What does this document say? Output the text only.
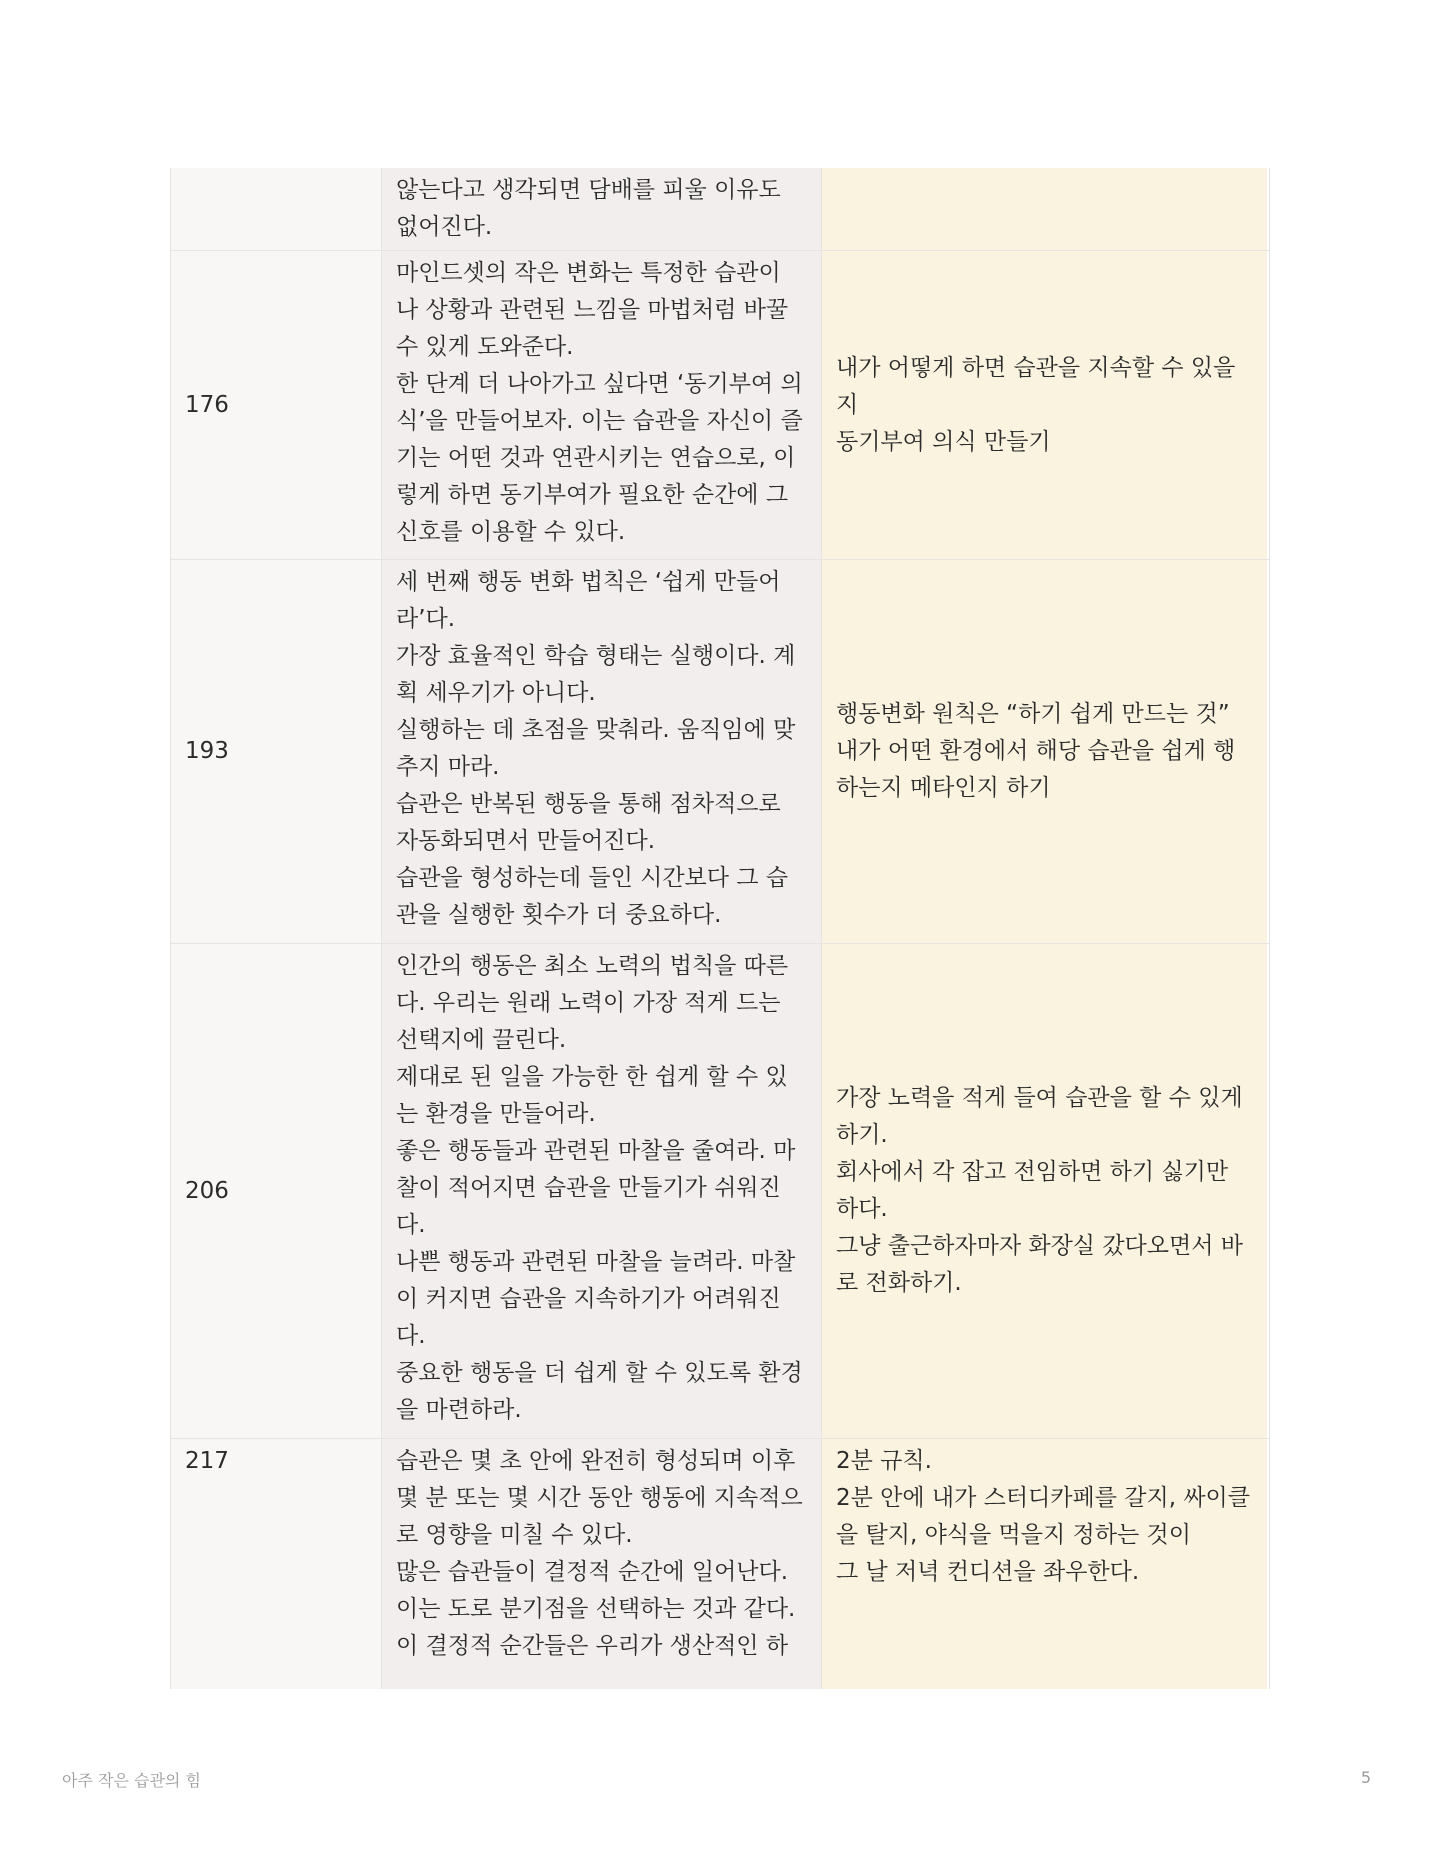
않는다고 생각되면 담배를 피울 이유도
없어진다.
176
마인드셋의 작은 변화는 특정한 습관이
나 상황과 관련된 느낌을 마법처럼 바꿀
수 있게 도와준다.
한 단계 더 나아가고 싶다면 ‘동기부여 의
식’을 만들어보자. 이는 습관을 자신이 즐
기는 어떤 것과 연관시키는 연습으로, 이
렇게 하면 동기부여가 필요한 순간에 그
신호를 이용할 수 있다.
내가 어떻게 하면 습관을 지속할 수 있을
지
동기부여 의식 만들기
193
세 번째 행동 변화 법칙은 ‘쉽게 만들어
라’다.
가장 효율적인 학습 형태는 실행이다. 계
획 세우기가 아니다.
실행하는 데 초점을 맞춰라. 움직임에 맞
추지 마라.
습관은 반복된 행동을 통해 점차적으로
자동화되면서 만들어진다.
습관을 형성하는데 들인 시간보다 그 습
관을 실행한 횟수가 더 중요하다.
행동변화 원칙은 “하기 쉽게 만드는 것”
내가 어떤 환경에서 해당 습관을 쉽게 행
하는지 메타인지 하기
206
인간의 행동은 최소 노력의 법칙을 따른
다. 우리는 원래 노력이 가장 적게 드는
선택지에 끌린다.
제대로 된 일을 가능한 한 쉽게 할 수 있
는 환경을 만들어라.
좋은 행동들과 관련된 마찰을 줄여라. 마
찰이 적어지면 습관을 만들기가 쉬워진
다.
나쁜 행동과 관련된 마찰을 늘려라. 마찰
이 커지면 습관을 지속하기가 어려워진
다.
중요한 행동을 더 쉽게 할 수 있도록 환경
을 마련하라.
가장 노력을 적게 들여 습관을 할 수 있게
하기.
회사에서 각 잡고 전임하면 하기 싫기만
하다.
그냥 출근하자마자 화장실 갔다오면서 바
로 전화하기.
217	습관은 몇 초 안에 완전히 형성되며 이후
몇 분 또는 몇 시간 동안 행동에 지속적으
로 영향을 미칠 수 있다.
많은 습관들이 결정적 순간에 일어난다.
이는 도로 분기점을 선택하는 것과 같다.
이 결정적 순간들은 우리가 생산적인 하
2분 규칙.
2분 안에 내가 스터디카페를 갈지, 싸이클
을 탈지, 야식을 먹을지 정하는 것이
그 날 저녁 컨디션을 좌우한다.
아주 작은 습관의 힘	5
